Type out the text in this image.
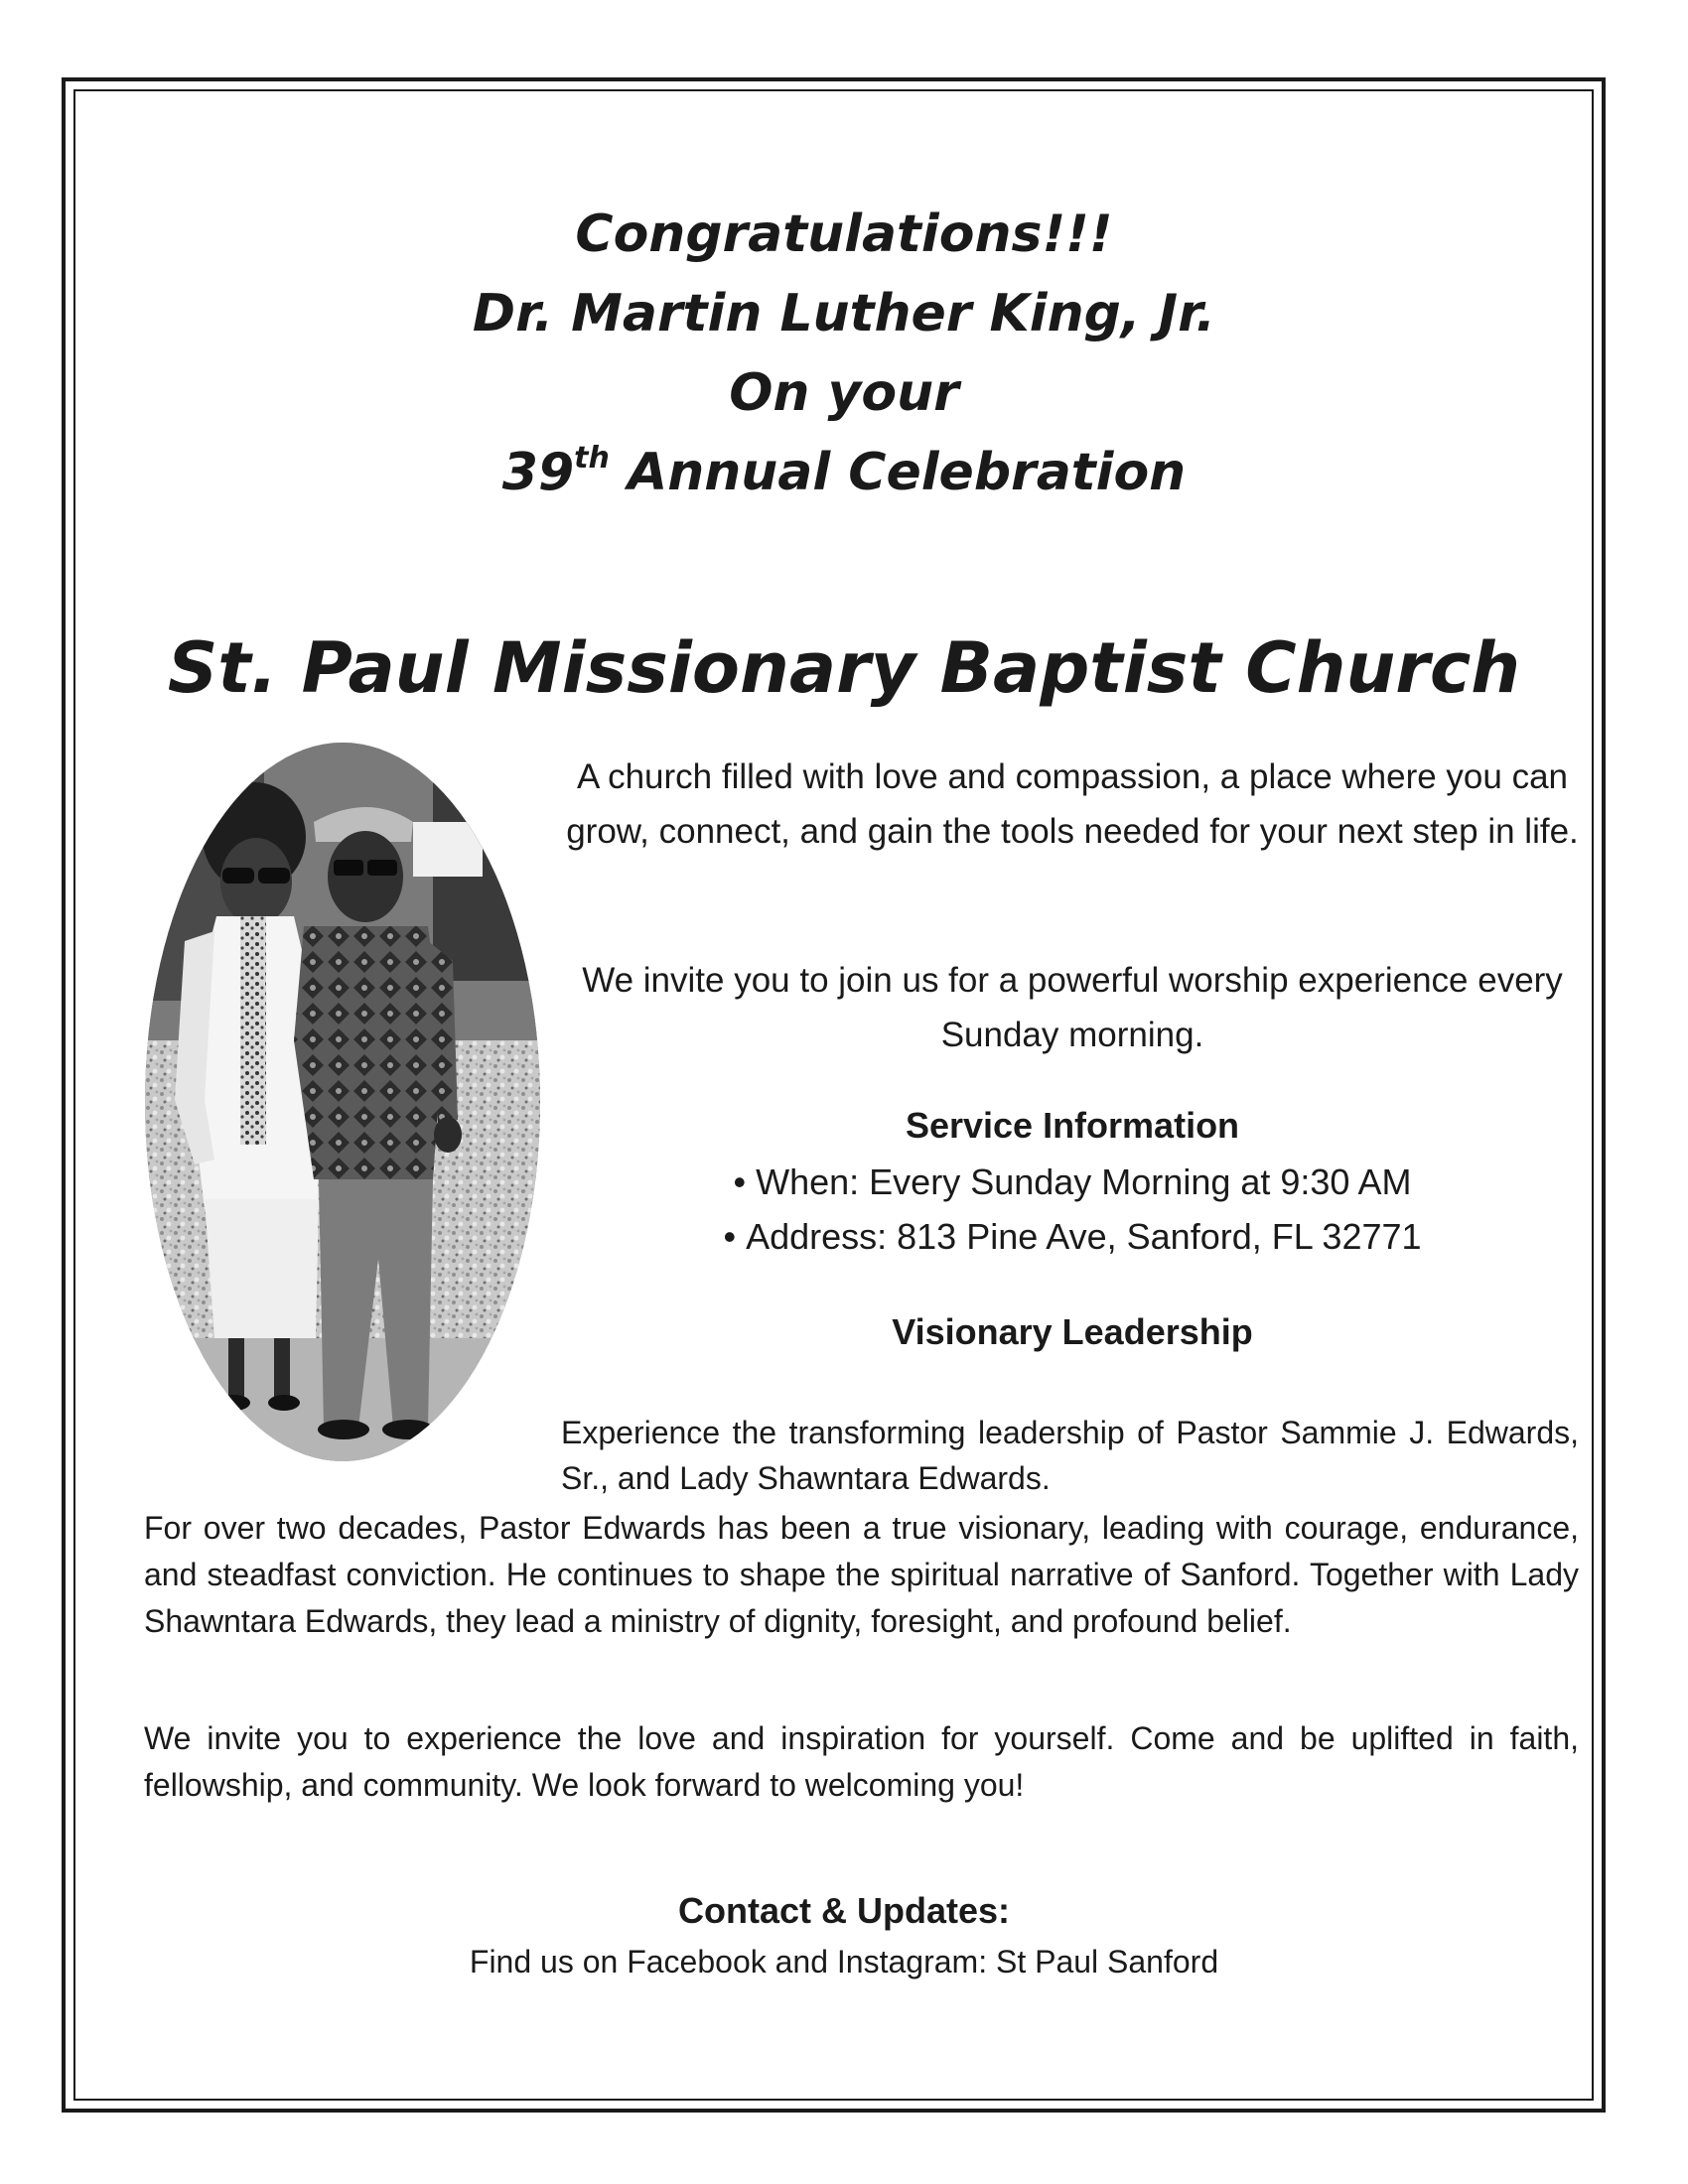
Congratulations!!!
Dr. Martin Luther King, Jr.
On your
39th Annual Celebration
St. Paul Missionary Baptist Church

A church filled with love and compassion, a place where you can grow, connect, and gain the tools needed for your next step in life.

We invite you to join us for a powerful worship experience every Sunday morning.

Service Information
• When: Every Sunday Morning at 9:30 AM
• Address: 813 Pine Ave, Sanford, FL 32771
Visionary Leadership

Experience the transforming leadership of Pastor Sammie J. Edwards, Sr., and Lady Shawntara Edwards.

For over two decades, Pastor Edwards has been a true visionary, leading with courage, endurance, and steadfast conviction. He continues to shape the spiritual narrative of Sanford. Together with Lady Shawntara Edwards, they lead a ministry of dignity, foresight, and profound belief.

We invite you to experience the love and inspiration for yourself. Come and be uplifted in faith, fellowship, and community. We look forward to welcoming you!

Contact & Updates:

Find us on Facebook and Instagram: St Paul Sanford
